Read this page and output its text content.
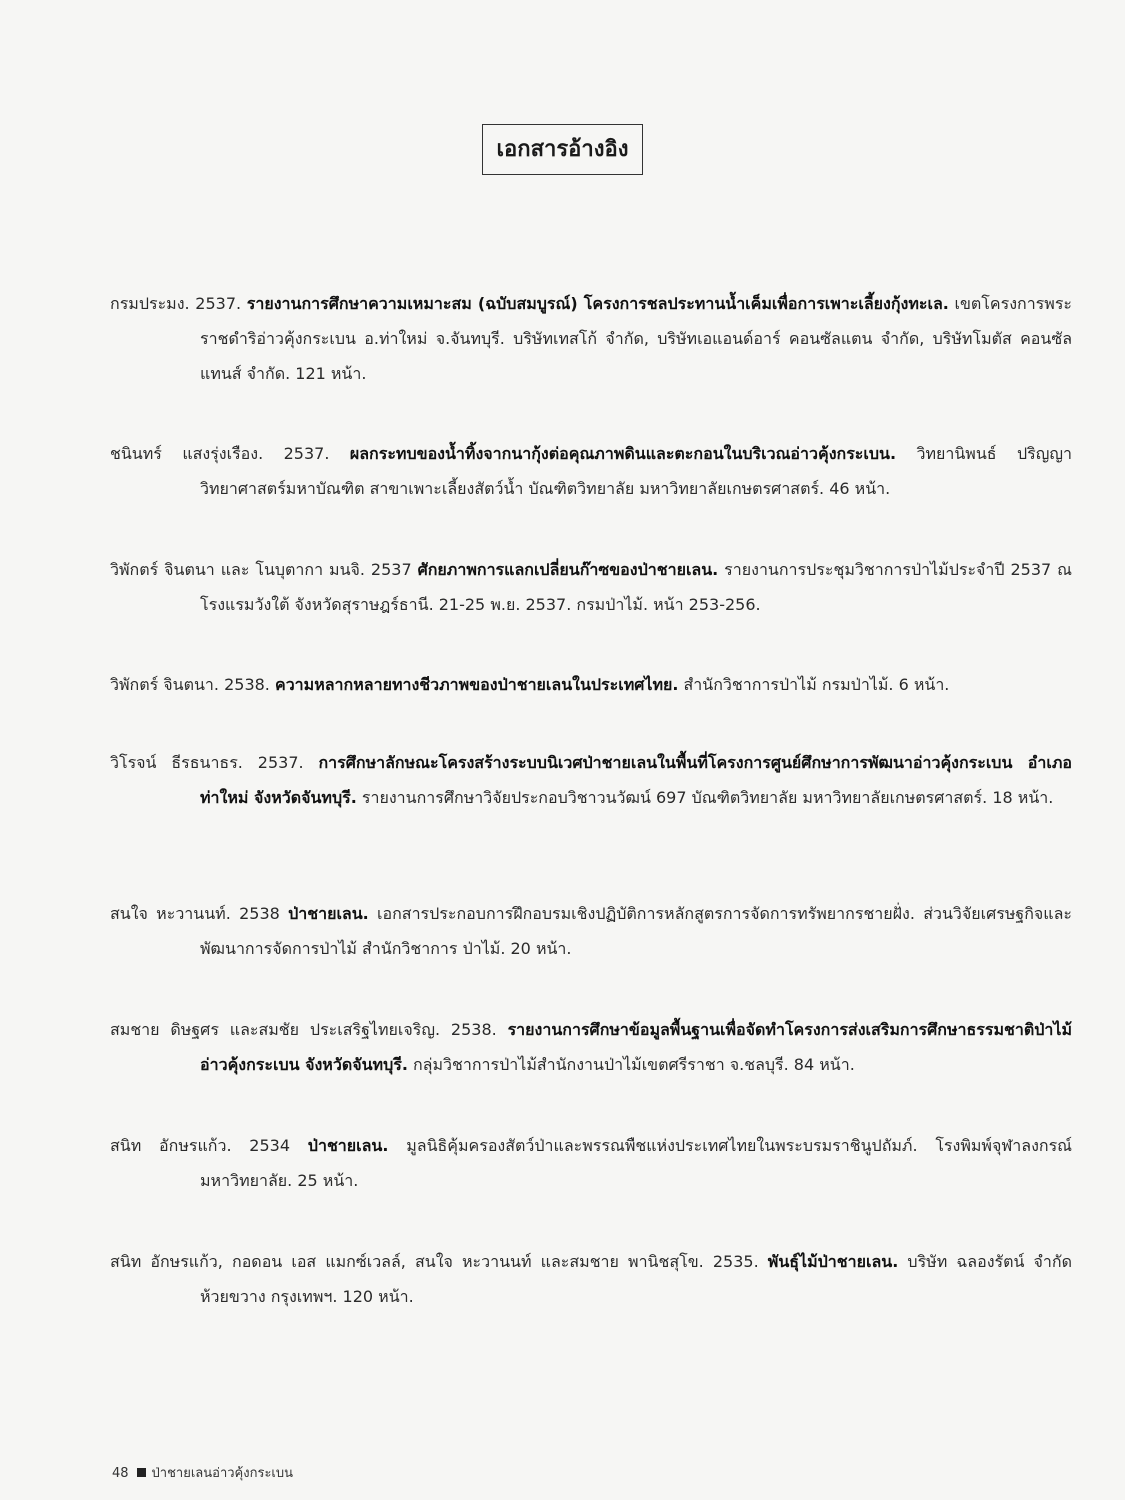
เอกสารอ้างอิง

กรมประมง. 2537. รายงานการศึกษาความเหมาะสม (ฉบับสมบูรณ์) โครงการชลประทานน้ำเค็มเพื่อการเพาะเลี้ยงกุ้งทะเล. เขตโครงการพระราชดำริอ่าวคุ้งกระเบน อ.ท่าใหม่ จ.จันทบุรี. บริษัทเทสโก้ จำกัด, บริษัทเอแอนด์อาร์ คอนซัลแตน จำกัด, บริษัทโมตัส คอนซัลแทนส์ จำกัด. 121 หน้า.

ชนินทร์ แสงรุ่งเรือง. 2537. ผลกระทบของน้ำทิ้งจากนากุ้งต่อคุณภาพดินและตะกอนในบริเวณอ่าวคุ้งกระเบน. วิทยานิพนธ์ ปริญญาวิทยาศาสตร์มหาบัณฑิต สาขาเพาะเลี้ยงสัตว์น้ำ บัณฑิตวิทยาลัย มหาวิทยาลัยเกษตรศาสตร์. 46 หน้า.

วิพักตร์ จินตนา และ โนบุตากา มนจิ. 2537 ศักยภาพการแลกเปลี่ยนก๊าซของป่าชายเลน. รายงานการประชุมวิชาการป่าไม้ประจำปี 2537 ณ โรงแรมวังใต้ จังหวัดสุราษฎร์ธานี. 21-25 พ.ย. 2537. กรมป่าไม้. หน้า 253-256.

วิพักตร์ จินตนา. 2538. ความหลากหลายทางชีวภาพของป่าชายเลนในประเทศไทย. สำนักวิชาการป่าไม้ กรมป่าไม้. 6 หน้า.

วิโรจน์ ธีรธนาธร. 2537. การศึกษาลักษณะโครงสร้างระบบนิเวศป่าชายเลนในพื้นที่โครงการศูนย์ศึกษาการพัฒนาอ่าวคุ้งกระเบน อำเภอท่าใหม่ จังหวัดจันทบุรี. รายงานการศึกษาวิจัยประกอบวิชาวนวัฒน์ 697 บัณฑิตวิทยาลัย มหาวิทยาลัยเกษตรศาสตร์. 18 หน้า.

สนใจ หะวานนท์. 2538 ป่าชายเลน. เอกสารประกอบการฝึกอบรมเชิงปฏิบัติการหลักสูตรการจัดการทรัพยากรชายฝั่ง. ส่วนวิจัยเศรษฐกิจและพัฒนาการจัดการป่าไม้ สำนักวิชาการ ป่าไม้. 20 หน้า.

สมชาย ดิษฐศร และสมชัย ประเสริฐไทยเจริญ. 2538. รายงานการศึกษาข้อมูลพื้นฐานเพื่อจัดทำโครงการส่งเสริมการศึกษาธรรมชาติป่าไม้ อ่าวคุ้งกระเบน จังหวัดจันทบุรี. กลุ่มวิชาการป่าไม้สำนักงานป่าไม้เขตศรีราชา จ.ชลบุรี. 84 หน้า.

สนิท อักษรแก้ว. 2534 ป่าชายเลน. มูลนิธิคุ้มครองสัตว์ป่าและพรรณพืชแห่งประเทศไทยในพระบรมราชินูปถัมภ์. โรงพิมพ์จุฬาลงกรณ์มหาวิทยาลัย. 25 หน้า.

สนิท อักษรแก้ว, กอดอน เอส แมกซ์เวลล์, สนใจ หะวานนท์ และสมชาย พานิชสุโข. 2535. พันธุ์ไม้ป่าชายเลน. บริษัท ฉลองรัตน์ จำกัด ห้วยขวาง กรุงเทพฯ. 120 หน้า.

48 ป่าชายเลนอ่าวคุ้งกระเบน
